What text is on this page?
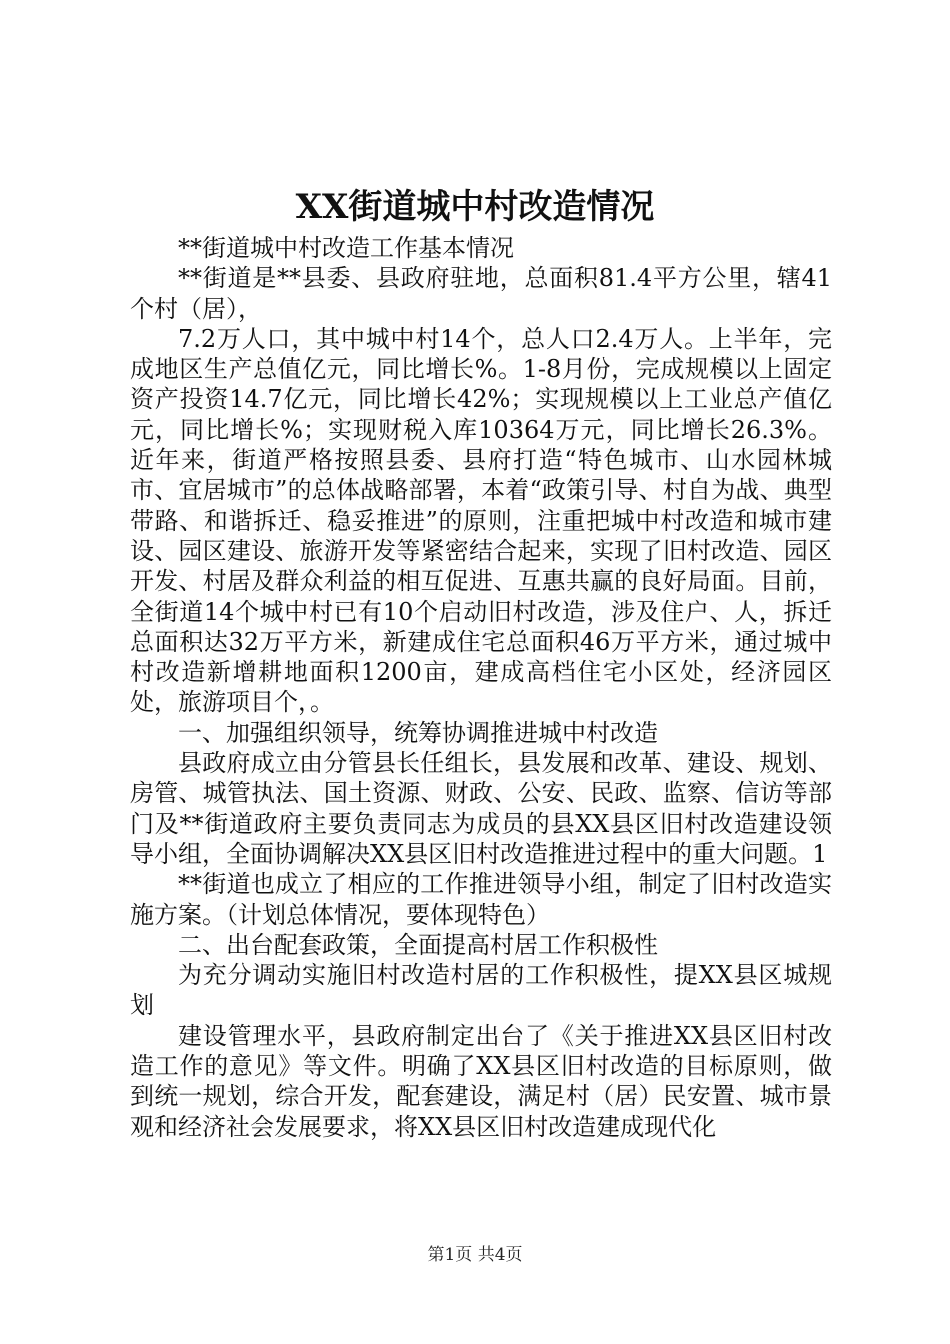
XX街道城中村改造情况

**街道城中村改造工作基本情况

**街道是**县委、县政府驻地，总面积81.4平方公里，辖41个村（居），

7.2万人口，其中城中村14个，总人口2.4万人。上半年，完成地区生产总值亿元，同比增长%。1-8月份，完成规模以上固定资产投资14.7亿元，同比增长42%；实现规模以上工业总产值亿元，同比增长%；实现财税入库10364万元，同比增长26.3%。近年来，街道严格按照县委、县府打造“特色城市、山水园林城市、宜居城市”的总体战略部署，本着“政策引导、村自为战、典型带路、和谐拆迁、稳妥推进”的原则，注重把城中村改造和城市建设、园区建设、旅游开发等紧密结合起来，实现了旧村改造、园区开发、村居及群众利益的相互促进、互惠共赢的良好局面。目前，全街道14个城中村已有10个启动旧村改造，涉及住户、人，拆迁总面积达32万平方米，新建成住宅总面积46万平方米，通过城中村改造新增耕地面积1200亩，建成高档住宅小区处，经济园区处，旅游项目个，。

一、加强组织领导，统筹协调推进城中村改造

县政府成立由分管县长任组长，县发展和改革、建设、规划、房管、城管执法、国土资源、财政、公安、民政、监察、信访等部门及**街道政府主要负责同志为成员的县XX县区旧村改造建设领导小组，全面协调解决XX县区旧村改造推进过程中的重大问题。1

**街道也成立了相应的工作推进领导小组，制定了旧村改造实施方案。（计划总体情况，要体现特色）

二、出台配套政策，全面提高村居工作积极性

为充分调动实施旧村改造村居的工作积极性，提XX县区城规划

建设管理水平，县政府制定出台了《关于推进XX县区旧村改造工作的意见》等文件。明确了XX县区旧村改造的目标原则，做到统一规划，综合开发，配套建设，满足村（居）民安置、城市景观和经济社会发展要求，将XX县区旧村改造建成现代化

第1页 共4页
